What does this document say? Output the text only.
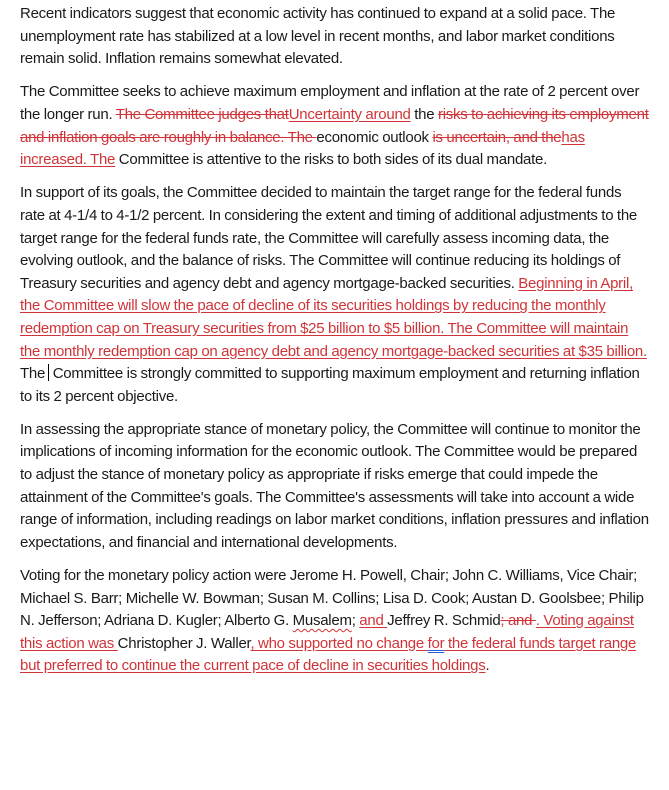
Recent indicators suggest that economic activity has continued to expand at a solid pace. The unemployment rate has stabilized at a low level in recent months, and labor market conditions remain solid. Inflation remains somewhat elevated.

The Committee seeks to achieve maximum employment and inflation at the rate of 2 percent over the longer run. The Committee judges thatUncertainty around the risks to achieving its employment and inflation goals are roughly in balance. The economic outlook is uncertain, and thehas increased. The Committee is attentive to the risks to both sides of its dual mandate.

In support of its goals, the Committee decided to maintain the target range for the federal funds rate at 4-1/4 to 4-1/2 percent. In considering the extent and timing of additional adjustments to the target range for the federal funds rate, the Committee will carefully assess incoming data, the evolving outlook, and the balance of risks. The Committee will continue reducing its holdings of Treasury securities and agency debt and agency mortgage-backed securities. Beginning in April, the Committee will slow the pace of decline of its securities holdings by reducing the monthly redemption cap on Treasury securities from $25 billion to $5 billion. The Committee will maintain the monthly redemption cap on agency debt and agency mortgage-backed securities at $35 billion. The Committee is strongly committed to supporting maximum employment and returning inflation to its 2 percent objective.

In assessing the appropriate stance of monetary policy, the Committee will continue to monitor the implications of incoming information for the economic outlook. The Committee would be prepared to adjust the stance of monetary policy as appropriate if risks emerge that could impede the attainment of the Committee's goals. The Committee's assessments will take into account a wide range of information, including readings on labor market conditions, inflation pressures and inflation expectations, and financial and international developments.

Voting for the monetary policy action were Jerome H. Powell, Chair; John C. Williams, Vice Chair; Michael S. Barr; Michelle W. Bowman; Susan M. Collins; Lisa D. Cook; Austan D. Goolsbee; Philip N. Jefferson; Adriana D. Kugler; Alberto G. Musalem; and Jeffrey R. Schmid; and . Voting against this action was Christopher J. Waller, who supported no change for the federal funds target range but preferred to continue the current pace of decline in securities holdings.
